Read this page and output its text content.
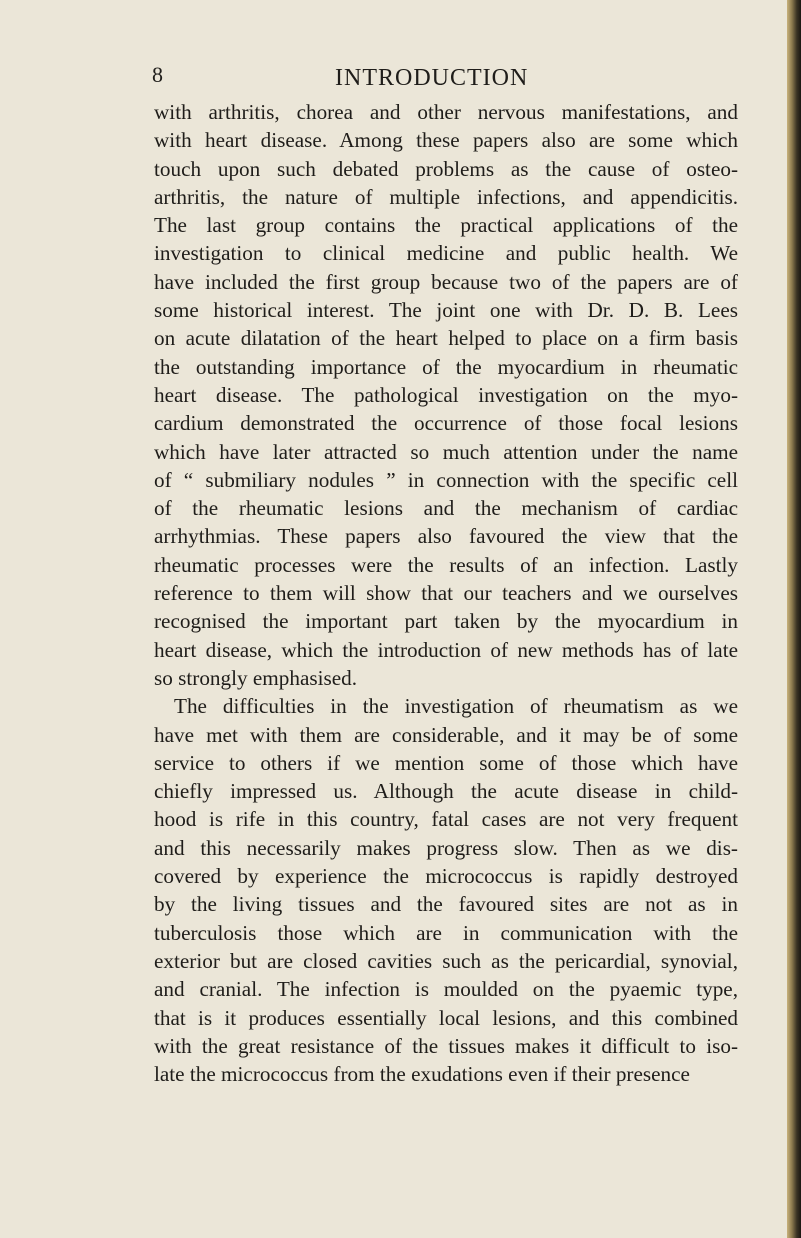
8	INTRODUCTION
with arthritis, chorea and other nervous manifestations, and
with heart disease. Among these papers also are some which
touch upon such debated problems as the cause of osteo-
arthritis, the nature of multiple infections, and appendicitis.
The last group contains the practical applications of the
investigation to clinical medicine and public health. We
have included the first group because two of the papers are of
some historical interest. The joint one with Dr. D. B. Lees
on acute dilatation of the heart helped to place on a firm basis
the outstanding importance of the myocardium in rheumatic
heart disease. The pathological investigation on the myo-
cardium demonstrated the occurrence of those focal lesions
which have later attracted so much attention under the name
of “ submiliary nodules ” in connection with the specific cell
of the rheumatic lesions and the mechanism of cardiac
arrhythmias. These papers also favoured the view that the
rheumatic processes were the results of an infection. Lastly
reference to them will show that our teachers and we ourselves
recognised the important part taken by the myocardium in
heart disease, which the introduction of new methods has of late
so strongly emphasised.
The difficulties in the investigation of rheumatism as we
have met with them are considerable, and it may be of some
service to others if we mention some of those which have
chiefly impressed us. Although the acute disease in child-
hood is rife in this country, fatal cases are not very frequent
and this necessarily makes progress slow. Then as we dis-
covered by experience the micrococcus is rapidly destroyed
by the living tissues and the favoured sites are not as in
tuberculosis those which are in communication with the
exterior but are closed cavities such as the pericardial, synovial,
and cranial. The infection is moulded on the pyaemic type,
that is it produces essentially local lesions, and this combined
with the great resistance of the tissues makes it difficult to iso-
late the micrococcus from the exudations even if their presence
